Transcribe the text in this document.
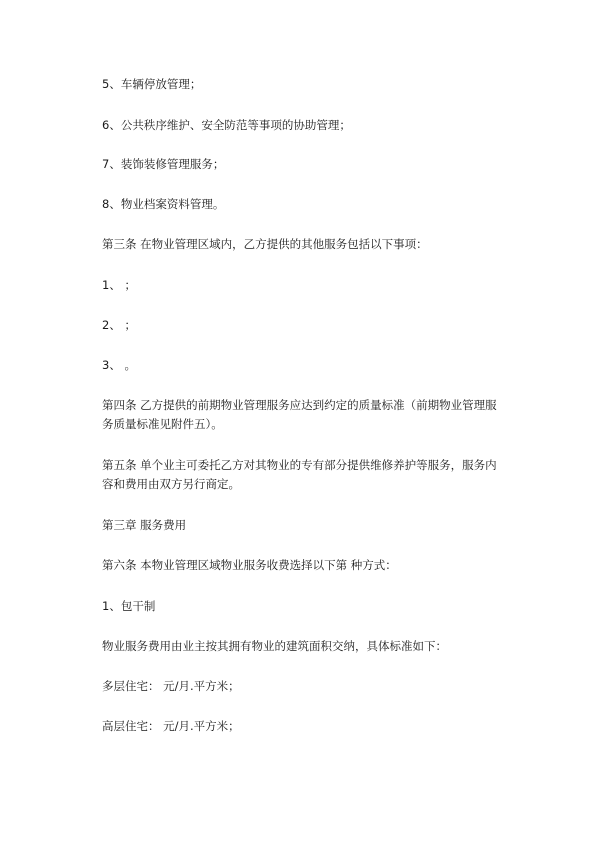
5、车辆停放管理；
6、公共秩序维护、安全防范等事项的协助管理；
7、装饰装修管理服务；
8、物业档案资料管理。
第三条 在物业管理区域内，乙方提供的其他服务包括以下事项：
1、 ；
2、 ；
3、 。
第四条 乙方提供的前期物业管理服务应达到约定的质量标准（前期物业管理服务质量标准见附件五）。
第五条 单个业主可委托乙方对其物业的专有部分提供维修养护等服务，服务内容和费用由双方另行商定。
第三章 服务费用
第六条 本物业管理区域物业服务收费选择以下第 种方式：
1、包干制
物业服务费用由业主按其拥有物业的建筑面积交纳，具体标准如下：
多层住宅： 元/月.平方米；
高层住宅： 元/月.平方米；
